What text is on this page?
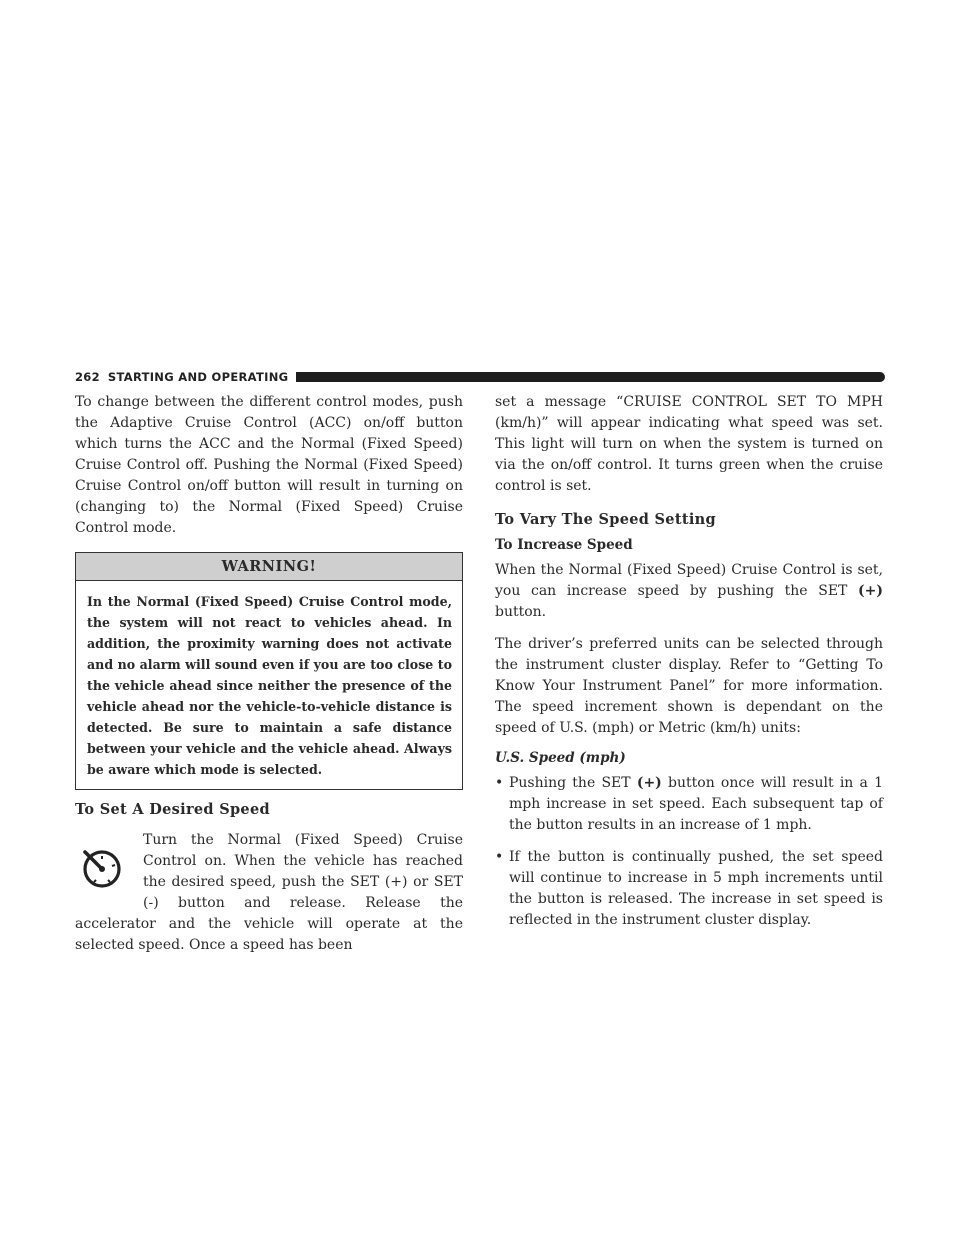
262 STARTING AND OPERATING

To change between the different control modes, push the Adaptive Cruise Control (ACC) on/off button which turns the ACC and the Normal (Fixed Speed) Cruise Control off. Pushing the Normal (Fixed Speed) Cruise Control on/off button will result in turning on (changing to) the Normal (Fixed Speed) Cruise Control mode.

WARNING!
In the Normal (Fixed Speed) Cruise Control mode, the system will not react to vehicles ahead. In addition, the proximity warning does not activate and no alarm will sound even if you are too close to the vehicle ahead since neither the presence of the vehicle ahead nor the vehicle-to-vehicle distance is detected. Be sure to maintain a safe distance between your vehicle and the vehicle ahead. Always be aware which mode is selected.
To Set A Desired Speed

Turn the Normal (Fixed Speed) Cruise Control on. When the vehicle has reached the desired speed, push the SET (+) or SET (-) button and release. Release the accelerator and the vehicle will operate at the selected speed. Once a speed has been

set a message “CRUISE CONTROL SET TO MPH (km/h)” will appear indicating what speed was set. This light will turn on when the system is turned on via the on/off control. It turns green when the cruise control is set.

To Vary The Speed Setting
To Increase Speed

When the Normal (Fixed Speed) Cruise Control is set, you can increase speed by pushing the SET (+) button.

The driver’s preferred units can be selected through the instrument cluster display. Refer to “Getting To Know Your Instrument Panel” for more information. The speed increment shown is dependant on the speed of U.S. (mph) or Metric (km/h) units:

U.S. Speed (mph)
• Pushing the SET (+) button once will result in a 1 mph increase in set speed. Each subsequent tap of the button results in an increase of 1 mph.
• If the button is continually pushed, the set speed will continue to increase in 5 mph increments until the button is released. The increase in set speed is reflected in the instrument cluster display.
